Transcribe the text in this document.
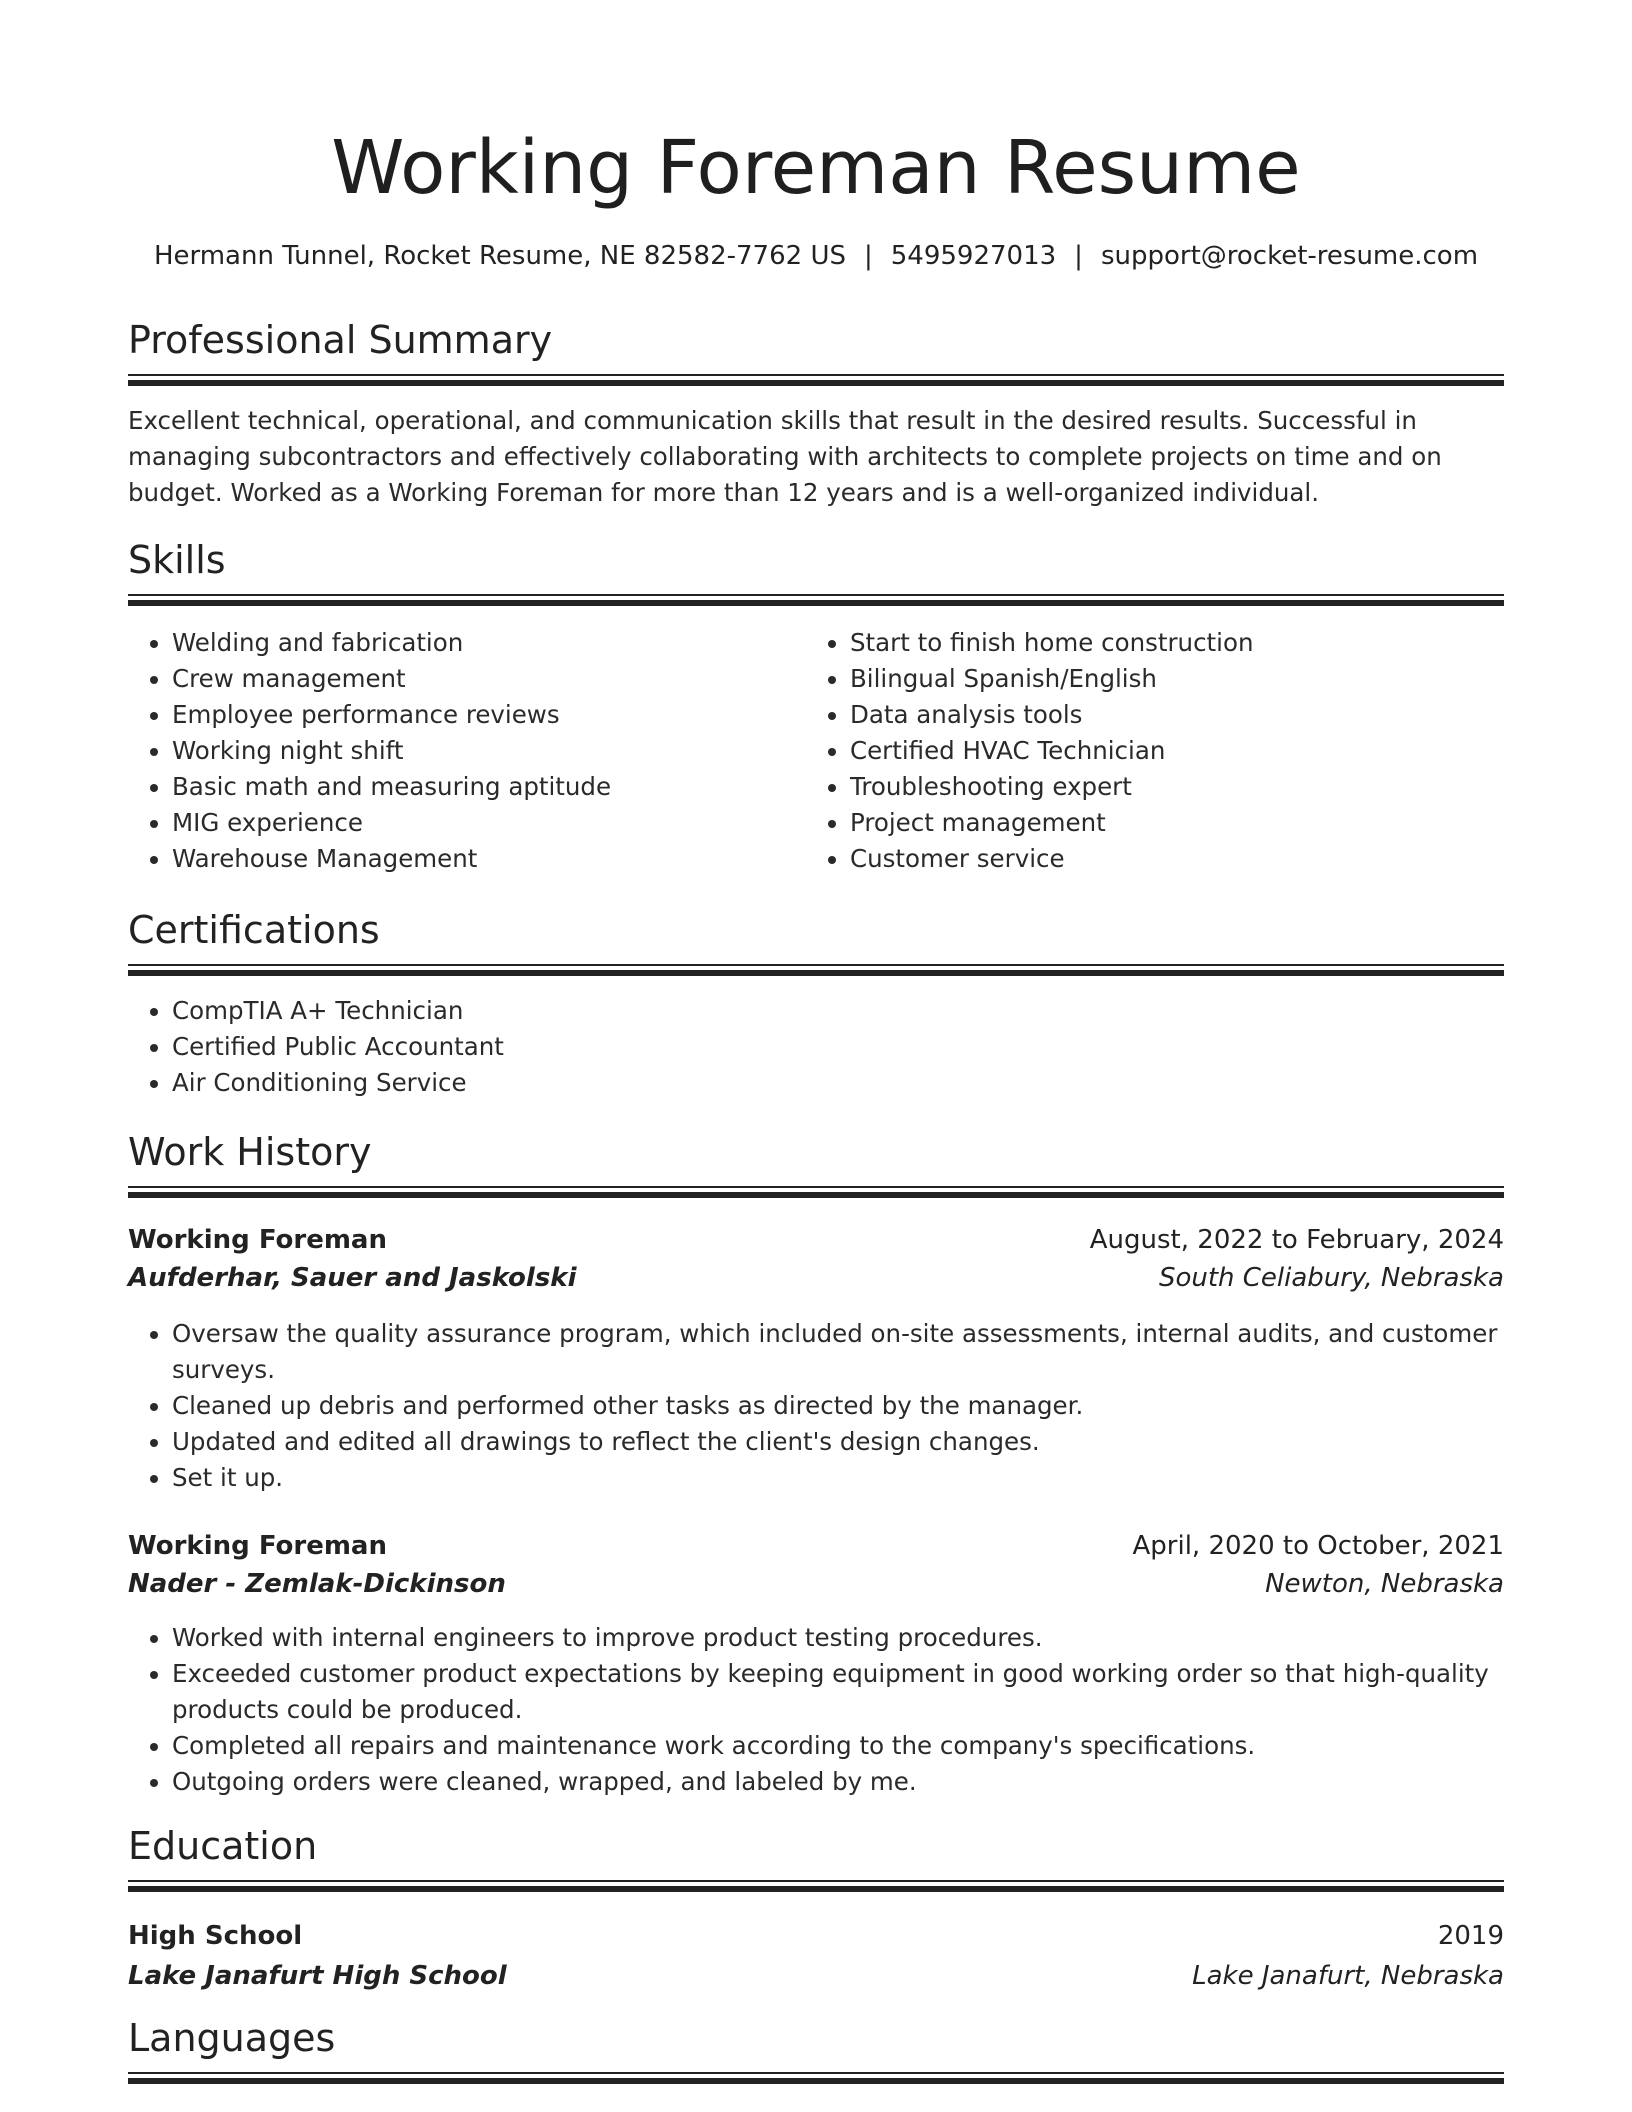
Working Foreman Resume
Hermann Tunnel, Rocket Resume, NE 82582-7762 US | 5495927013 | support@rocket-resume.com
Professional Summary
Excellent technical, operational, and communication skills that result in the desired results. Successful in managing subcontractors and effectively collaborating with architects to complete projects on time and on budget. Worked as a Working Foreman for more than 12 years and is a well-organized individual.
Skills
• Welding and fabrication
• Crew management
• Employee performance reviews
• Working night shift
• Basic math and measuring aptitude
• MIG experience
• Warehouse Management
• Start to finish home construction
• Bilingual Spanish/English
• Data analysis tools
• Certified HVAC Technician
• Troubleshooting expert
• Project management
• Customer service
Certifications
• CompTIA A+ Technician
• Certified Public Accountant
• Air Conditioning Service
Work History
Working Foreman	August, 2022 to February, 2024
Aufderhar, Sauer and Jaskolski	South Celiabury, Nebraska
• Oversaw the quality assurance program, which included on-site assessments, internal audits, and customer surveys.
• Cleaned up debris and performed other tasks as directed by the manager.
• Updated and edited all drawings to reflect the client's design changes.
• Set it up.
Working Foreman	April, 2020 to October, 2021
Nader - Zemlak-Dickinson	Newton, Nebraska
• Worked with internal engineers to improve product testing procedures.
• Exceeded customer product expectations by keeping equipment in good working order so that high-quality products could be produced.
• Completed all repairs and maintenance work according to the company's specifications.
• Outgoing orders were cleaned, wrapped, and labeled by me.
Education
High School	2019
Lake Janafurt High School	Lake Janafurt, Nebraska
Languages
